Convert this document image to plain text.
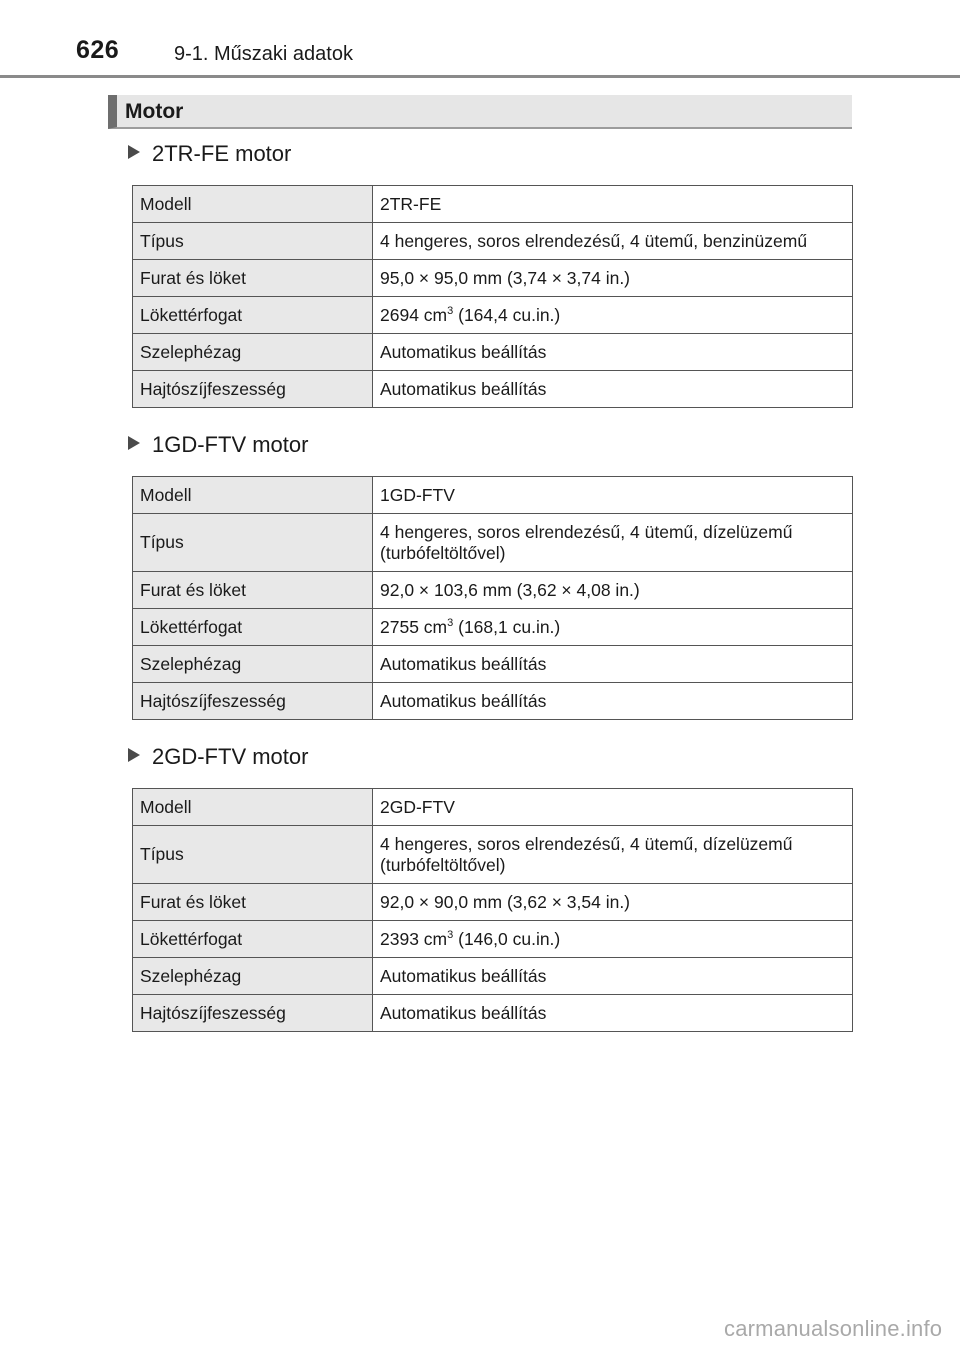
626	9-1. Műszaki adatok
Motor
2TR-FE motor
Modell	2TR-FE
Típus	4 hengeres, soros elrendezésű, 4 ütemű, benzinüzemű
Furat és löket	95,0 × 95,0 mm (3,74 × 3,74 in.)
Lökettérfogat	2694 $cm^3$ (164,4 cu.in.)
Szelephézag	Automatikus beállítás
Hajtószíjfeszesség	Automatikus beállítás
1GD-FTV motor
Modell	1GD-FTV
Típus	4 hengeres, soros elrendezésű, 4 ütemű, dízelüzemű
(turbófeltöltővel)

Furat és löket	92,0 × 103,6 mm (3,62 × 4,08 in.)
Lökettérfogat	2755 $cm^3$ (168,1 cu.in.)
Szelephézag	Automatikus beállítás
Hajtószíjfeszesség	Automatikus beállítás
2GD-FTV motor
Modell	2GD-FTV
Típus	4 hengeres, soros elrendezésű, 4 ütemű, dízelüzemű
(turbófeltöltővel)

Furat és löket	92,0 × 90,0 mm (3,62 × 3,54 in.)
Lökettérfogat	2393 $cm^3$ (146,0 cu.in.)
Szelephézag	Automatikus beállítás
Hajtószíjfeszesség	Automatikus beállítás
carmanualsonline.info
